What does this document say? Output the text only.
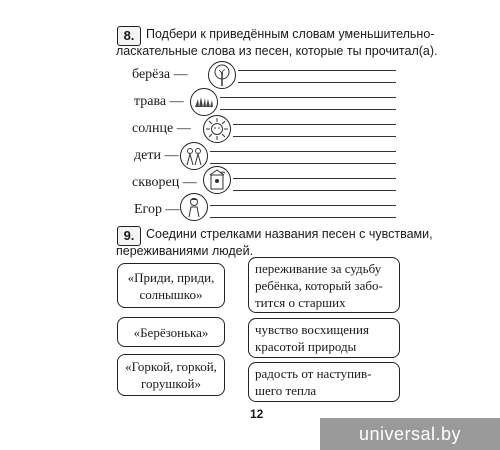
8. Подбери к приведённым словам уменьшительно-
ласкательные слова из песен, которые ты прочитал(а).
берёза —
трава —
солнце —
дети —
скворец —
Егор —
9. Соедини стрелками названия песен с чувствами,
переживаниями людей.
«Приди, приди,
солнышко»
«Берёзонька»
«Горкой, горкой,
горушкой»
переживание за судьбу
ребёнка, который забо-
тится о старших
чувство восхищения
красотой природы
радость от наступив-
шего тепла
12
universal.by
